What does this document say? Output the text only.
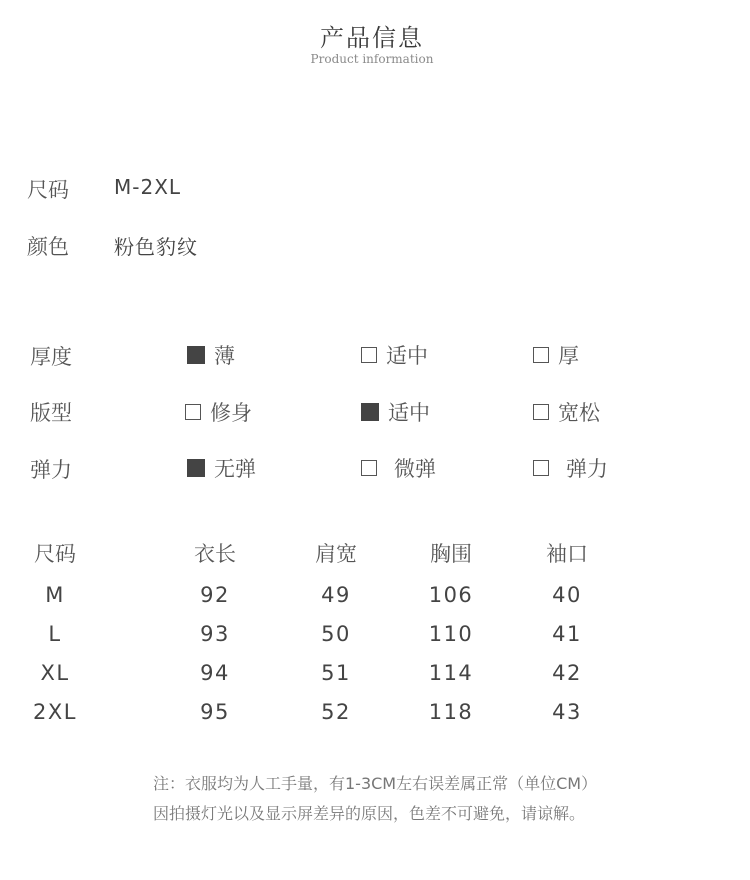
产品信息
Product information
尺码 M-2XL
颜色 粉色豹纹
厚度	薄	适中	厚
版型	修身	适中	宽松
弹力	无弹	微弹	弹力
尺码	衣长	肩宽	胸围	袖口
M	92	49	106	40
L	93	50	110	41
XL	94	51	114	42
2XL	95	52	118	43
注：衣服均为人工手量，有1-3CM左右误差属正常（单位CM）
因拍摄灯光以及显示屏差异的原因，色差不可避免，请谅解。
